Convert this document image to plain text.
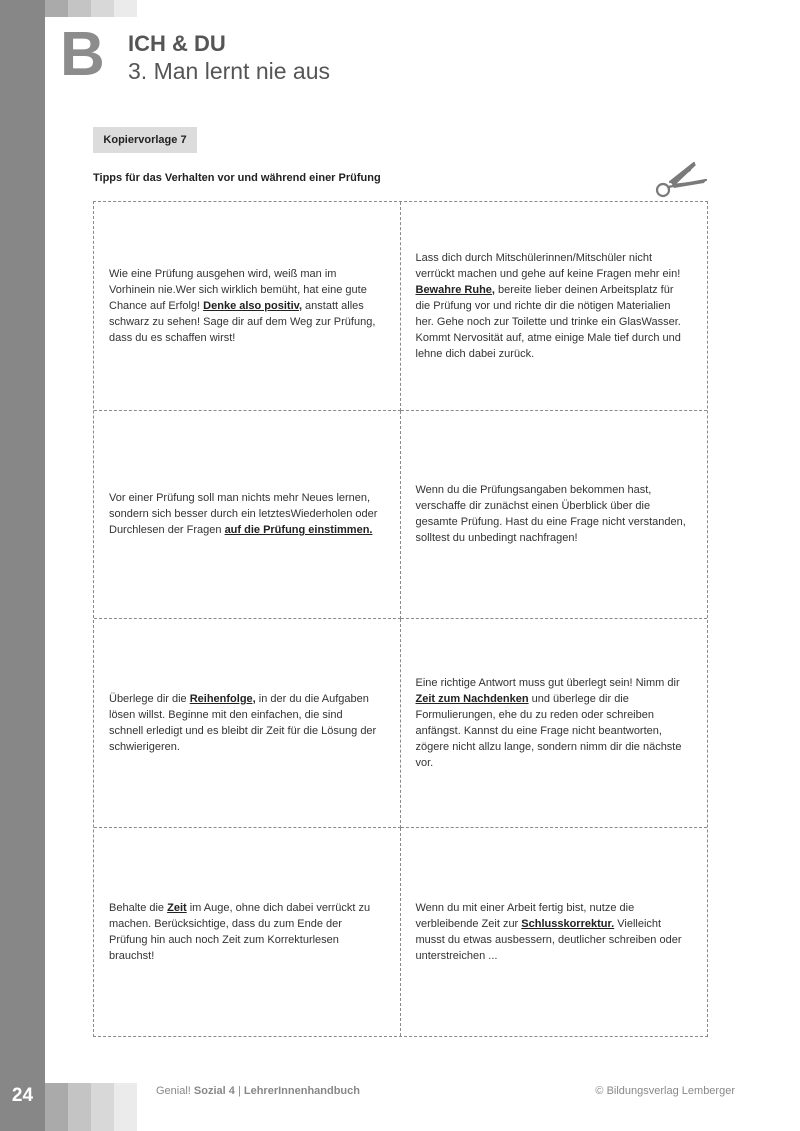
B ICH & DU
3. Man lernt nie aus
Kopiervorlage 7
Tipps für das Verhalten vor und während einer Prüfung

Wie eine Prüfung ausgehen wird, weiß man im Vorhinein nie.Wer sich wirklich bemüht, hat eine gute Chance auf Erfolg! Denke also positiv, anstatt alles schwarz zu sehen! Sage dir auf dem Weg zur Prüfung, dass du es schaffen wirst!

Lass dich durch Mitschülerinnen/Mitschüler nicht verrückt machen und gehe auf keine Fragen mehr ein! Bewahre Ruhe, bereite lieber deinen Arbeitsplatz für die Prüfung vor und richte dir die nötigen Materialien her. Gehe noch zur Toilette und trinke ein GlasWasser. Kommt Nervosität auf, atme einige Male tief durch und lehne dich dabei zurück.

Vor einer Prüfung soll man nichts mehr Neues lernen, sondern sich besser durch ein letztesWiederholen oder Durchlesen der Fragen auf die Prüfung einstimmen.

Wenn du die Prüfungsangaben bekommen hast, verschaffe dir zunächst einen Überblick über die gesamte Prüfung. Hast du eine Frage nicht verstanden, solltest du unbedingt nachfragen!

Überlege dir die Reihenfolge, in der du die Aufgaben lösen willst. Beginne mit den einfachen, die sind schnell erledigt und es bleibt dir Zeit für die Lösung der schwierigeren.

Eine richtige Antwort muss gut überlegt sein! Nimm dir Zeit zum Nachdenken und überlege dir die Formulierungen, ehe du zu reden oder schreiben anfängst. Kannst du eine Frage nicht beantworten, zögere nicht allzu lange, sondern nimm dir die nächste vor.

Behalte die Zeit im Auge, ohne dich dabei verrückt zu machen. Berücksichtige, dass du zum Ende der Prüfung hin auch noch Zeit zum Korrekturlesen brauchst!

Wenn du mit einer Arbeit fertig bist, nutze die verbleibende Zeit zur Schlusskorrektur. Vielleicht musst du etwas ausbessern, deutlicher schreiben oder unterstreichen ...

24	Genial! Sozial 4 | LehrerInnenhandbuch	© Bildungsverlag Lemberger
